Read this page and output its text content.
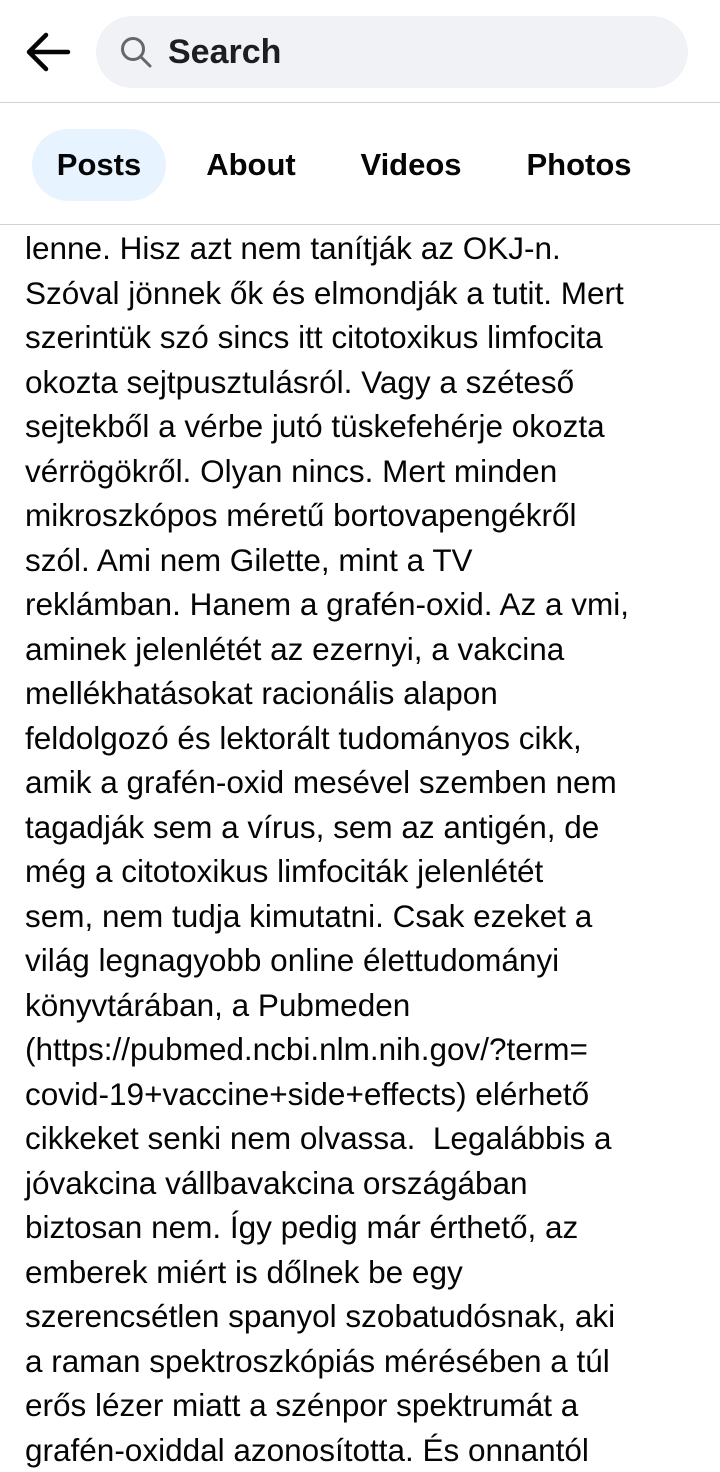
Search
Posts	About	Videos	Photos
lenne. Hisz azt nem tanítják az OKJ-n.
Szóval jönnek ők és elmondják a tutit. Mert
szerintük szó sincs itt citotoxikus limfocita
okozta sejtpusztulásról. Vagy a széteső
sejtekből a vérbe jutó tüskefehérje okozta
vérrögökről. Olyan nincs. Mert minden
mikroszkópos méretű bortovapengékről
szól. Ami nem Gilette, mint a TV
reklámban. Hanem a grafén-oxid. Az a vmi,
aminek jelenlétét az ezernyi, a vakcina
mellékhatásokat racionális alapon
feldolgozó és lektorált tudományos cikk,
amik a grafén-oxid mesével szemben nem
tagadják sem a vírus, sem az antigén, de
még a citotoxikus limfociták jelenlétét
sem, nem tudja kimutatni. Csak ezeket a
világ legnagyobb online élettudományi
könyvtárában, a Pubmeden
(https://pubmed.ncbi.nlm.nih.gov/?term=
covid-19+vaccine+side+effects) elérhető
cikkeket senki nem olvassa.  Legalábbis a
jóvakcina vállbavakcina országában
biztosan nem. Így pedig már érthető, az
emberek miért is dőlnek be egy
szerencsétlen spanyol szobatudósnak, aki
a raman spektroszkópiás mérésében a túl
erős lézer miatt a szénpor spektrumát a
grafén-oxiddal azonosította. És onnantól
